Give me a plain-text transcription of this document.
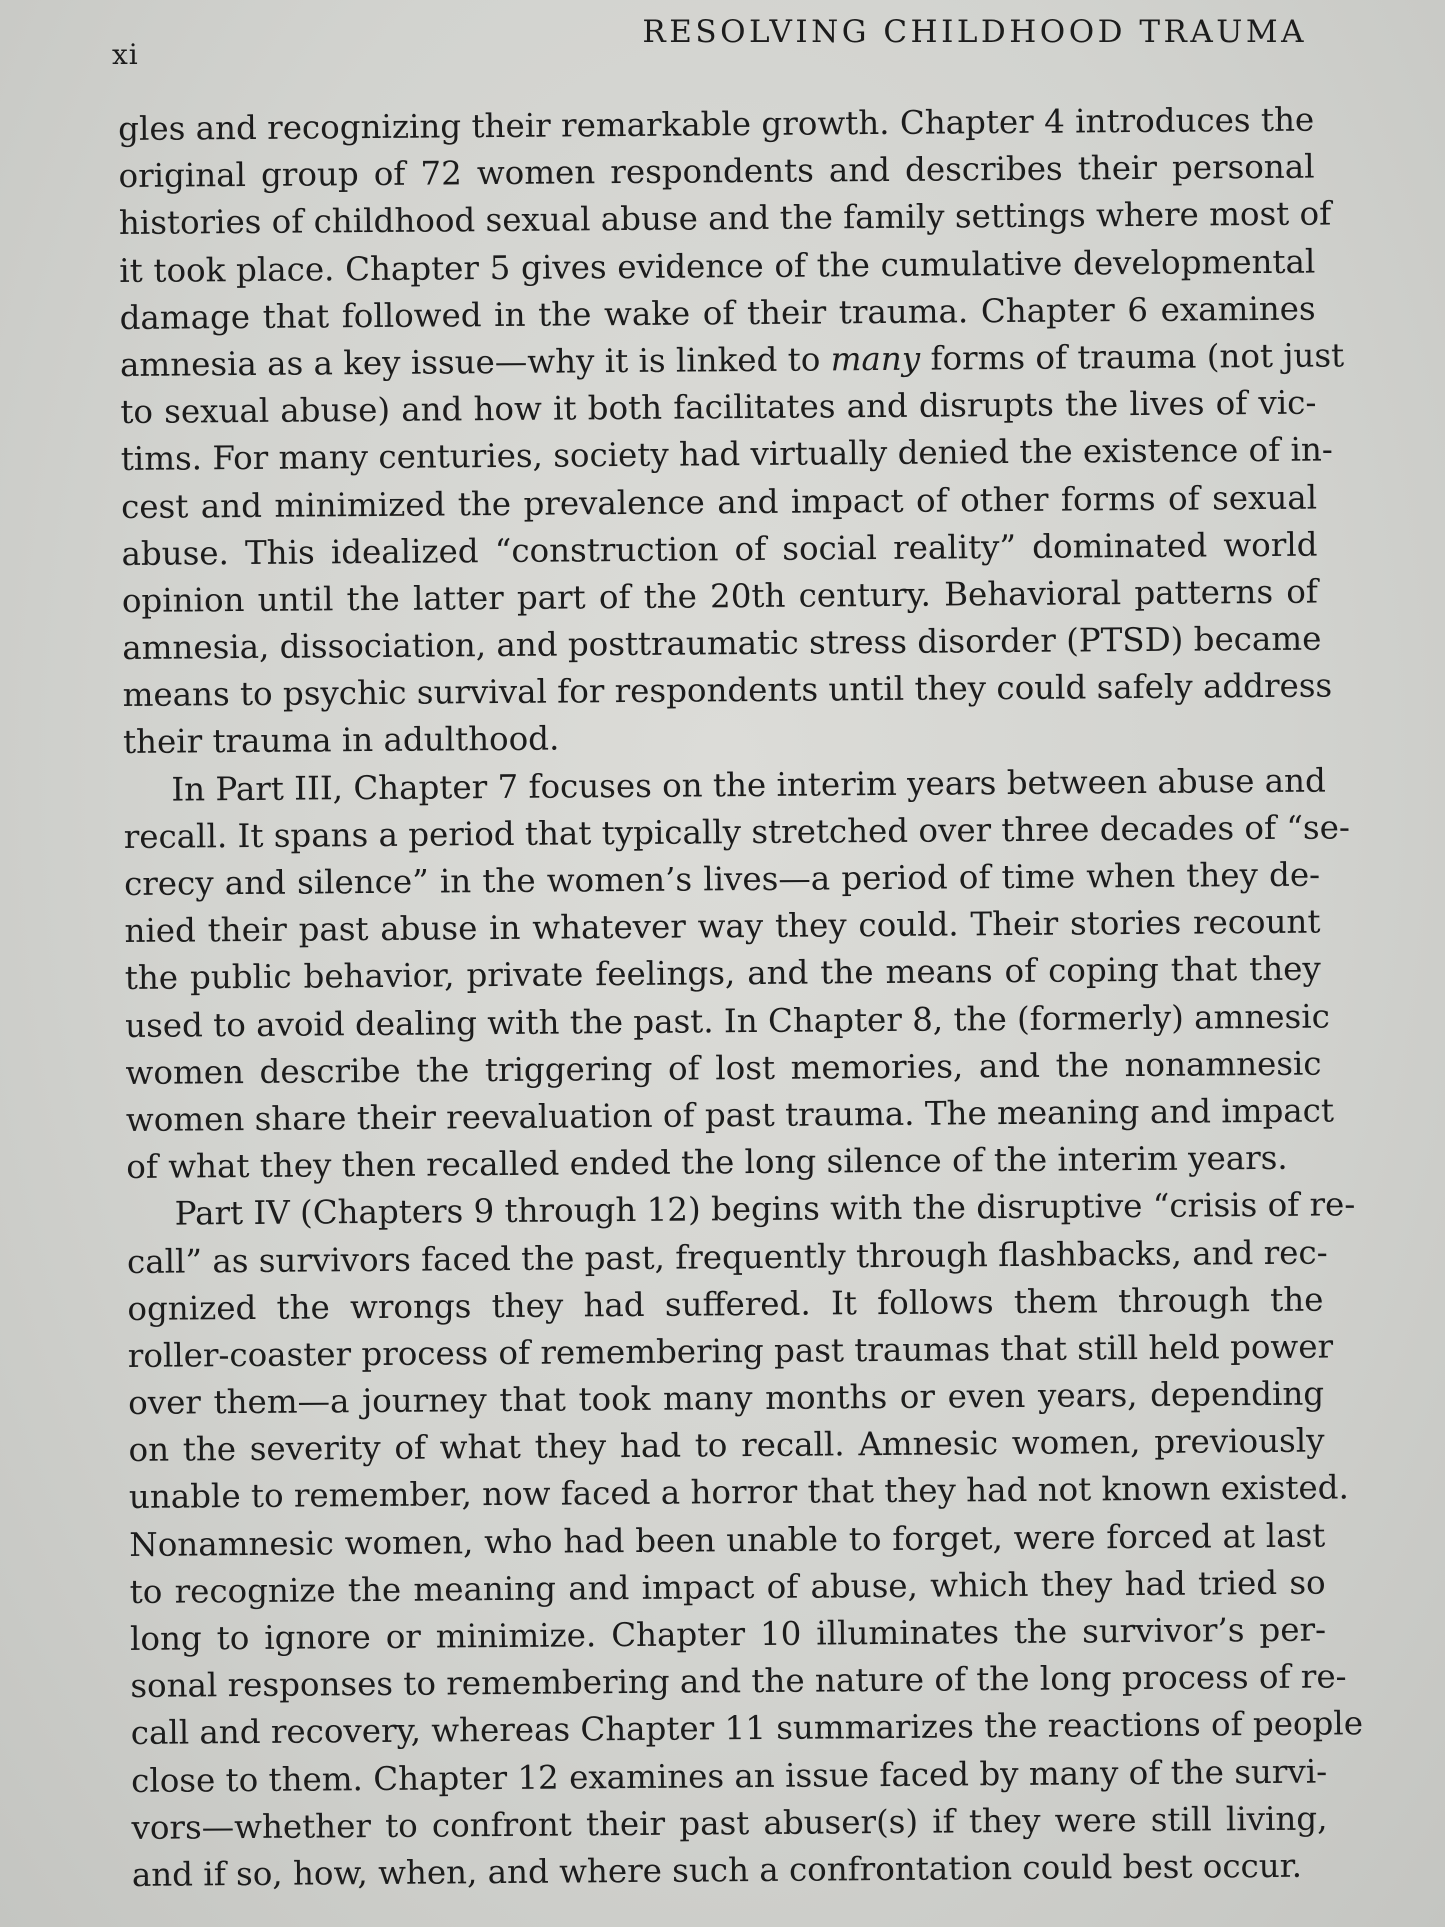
xi
RESOLVING CHILDHOOD TRAUMA
gles and recognizing their remarkable growth. Chapter 4 introduces the
original group of 72 women respondents and describes their personal
histories of childhood sexual abuse and the family settings where most of
it took place. Chapter 5 gives evidence of the cumulative developmental
damage that followed in the wake of their trauma. Chapter 6 examines
amnesia as a key issue—why it is linked to many forms of trauma (not just
to sexual abuse) and how it both facilitates and disrupts the lives of vic-
tims. For many centuries, society had virtually denied the existence of in-
cest and minimized the prevalence and impact of other forms of sexual
abuse. This idealized “construction of social reality” dominated world
opinion until the latter part of the 20th century. Behavioral patterns of
amnesia, dissociation, and posttraumatic stress disorder (PTSD) became
means to psychic survival for respondents until they could safely address
their trauma in adulthood.
In Part III, Chapter 7 focuses on the interim years between abuse and
recall. It spans a period that typically stretched over three decades of “se-
crecy and silence” in the women’s lives—a period of time when they de-
nied their past abuse in whatever way they could. Their stories recount
the public behavior, private feelings, and the means of coping that they
used to avoid dealing with the past. In Chapter 8, the (formerly) amnesic
women describe the triggering of lost memories, and the nonamnesic
women share their reevaluation of past trauma. The meaning and impact
of what they then recalled ended the long silence of the interim years.
Part IV (Chapters 9 through 12) begins with the disruptive “crisis of re-
call” as survivors faced the past, frequently through flashbacks, and rec-
ognized the wrongs they had suffered. It follows them through the
roller-coaster process of remembering past traumas that still held power
over them—a journey that took many months or even years, depending
on the severity of what they had to recall. Amnesic women, previously
unable to remember, now faced a horror that they had not known existed.
Nonamnesic women, who had been unable to forget, were forced at last
to recognize the meaning and impact of abuse, which they had tried so
long to ignore or minimize. Chapter 10 illuminates the survivor’s per-
sonal responses to remembering and the nature of the long process of re-
call and recovery, whereas Chapter 11 summarizes the reactions of people
close to them. Chapter 12 examines an issue faced by many of the survi-
vors—whether to confront their past abuser(s) if they were still living,
and if so, how, when, and where such a confrontation could best occur.
